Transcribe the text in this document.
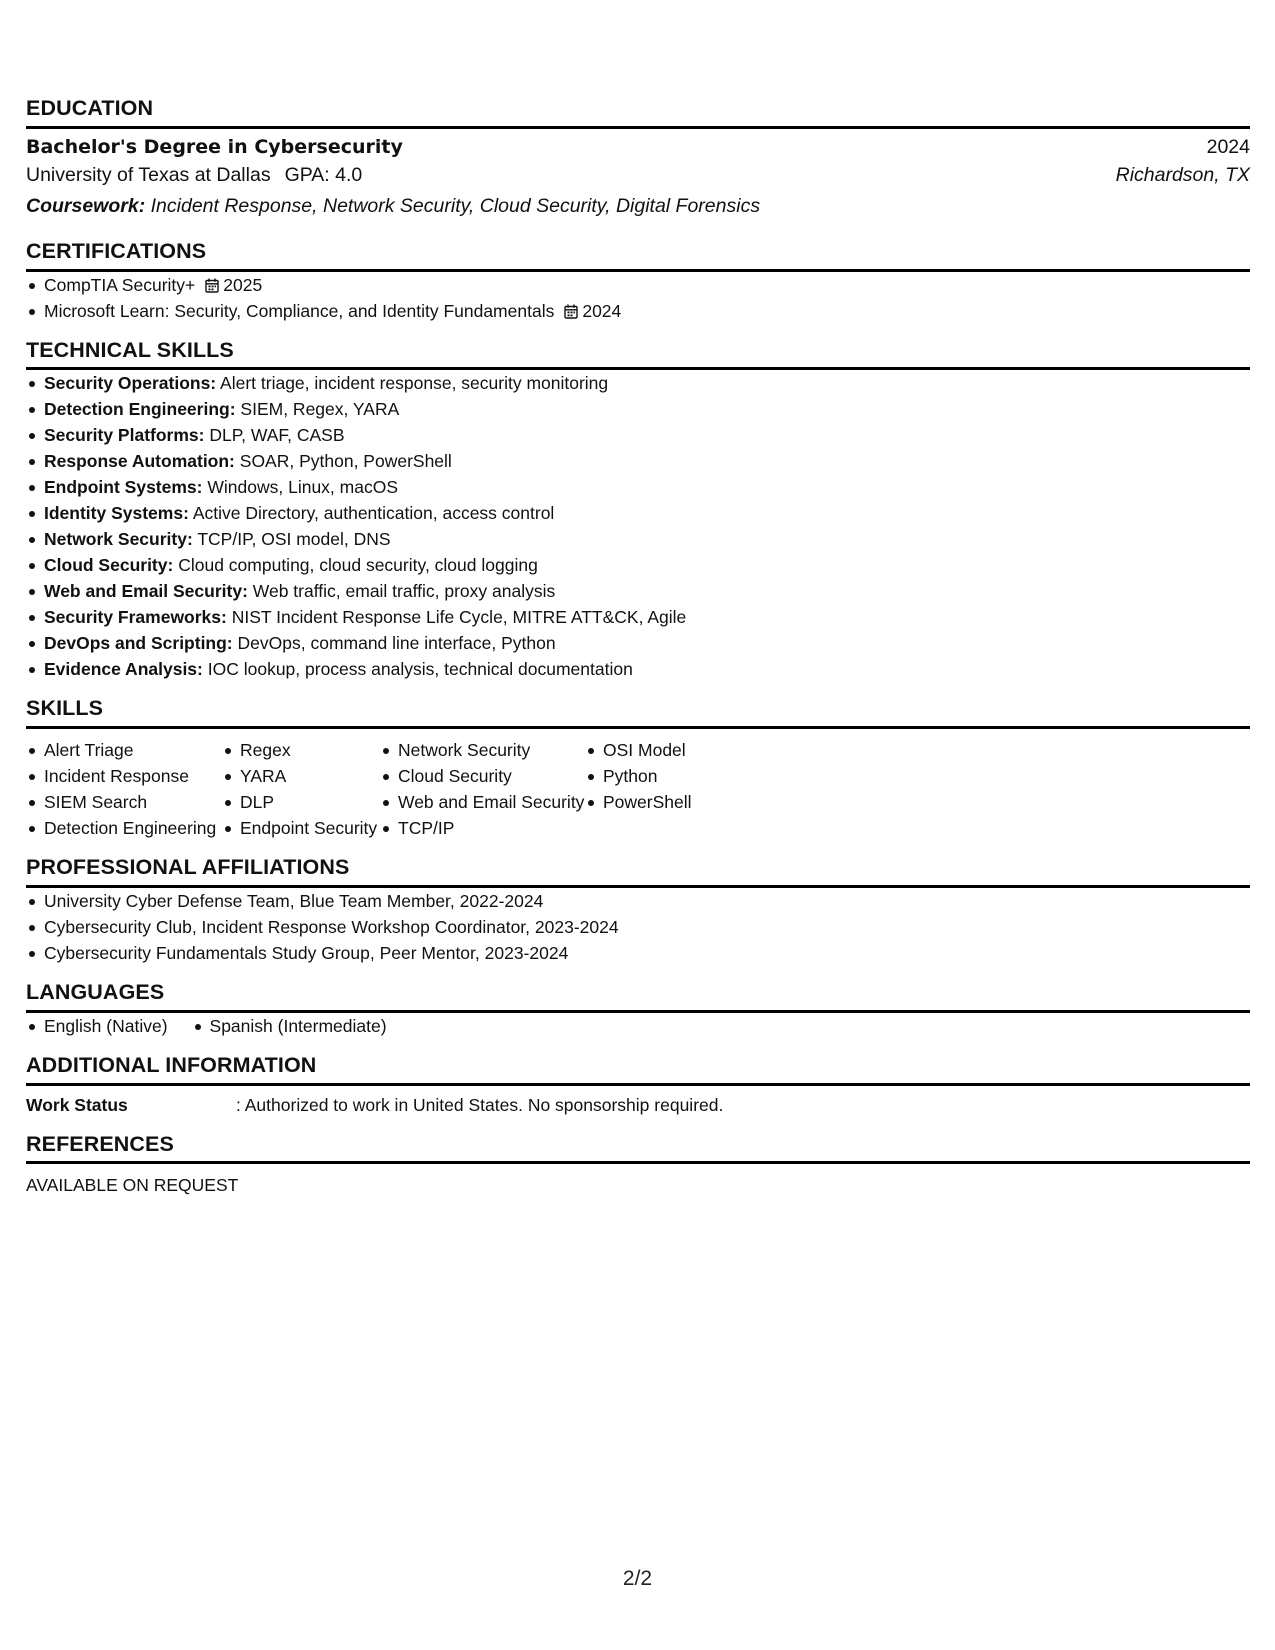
EDUCATION
Bachelor's Degree in Cybersecurity	2024
University of Texas at Dallas GPA: 4.0	Richardson, TX
Coursework: Incident Response, Network Security, Cloud Security, Digital Forensics
CERTIFICATIONS
CompTIA Security+ 2025
Microsoft Learn: Security, Compliance, and Identity Fundamentals 2024
TECHNICAL SKILLS
Security Operations: Alert triage, incident response, security monitoring
Detection Engineering: SIEM, Regex, YARA
Security Platforms: DLP, WAF, CASB
Response Automation: SOAR, Python, PowerShell
Endpoint Systems: Windows, Linux, macOS
Identity Systems: Active Directory, authentication, access control
Network Security: TCP/IP, OSI model, DNS
Cloud Security: Cloud computing, cloud security, cloud logging
Web and Email Security: Web traffic, email traffic, proxy analysis
Security Frameworks: NIST Incident Response Life Cycle, MITRE ATT&CK, Agile
DevOps and Scripting: DevOps, command line interface, Python
Evidence Analysis: IOC lookup, process analysis, technical documentation
SKILLS
Alert Triage
Incident Response
SIEM Search
Detection Engineering
Regex
YARA
DLP
Endpoint Security
Network Security
Cloud Security
Web and Email Security
TCP/IP
OSI Model
Python
PowerShell
PROFESSIONAL AFFILIATIONS
University Cyber Defense Team, Blue Team Member, 2022-2024
Cybersecurity Club, Incident Response Workshop Coordinator, 2023-2024
Cybersecurity Fundamentals Study Group, Peer Mentor, 2023-2024
LANGUAGES
English (Native)	Spanish (Intermediate)
ADDITIONAL INFORMATION
Work Status	: Authorized to work in United States. No sponsorship required.
REFERENCES
AVAILABLE ON REQUEST
2/2
